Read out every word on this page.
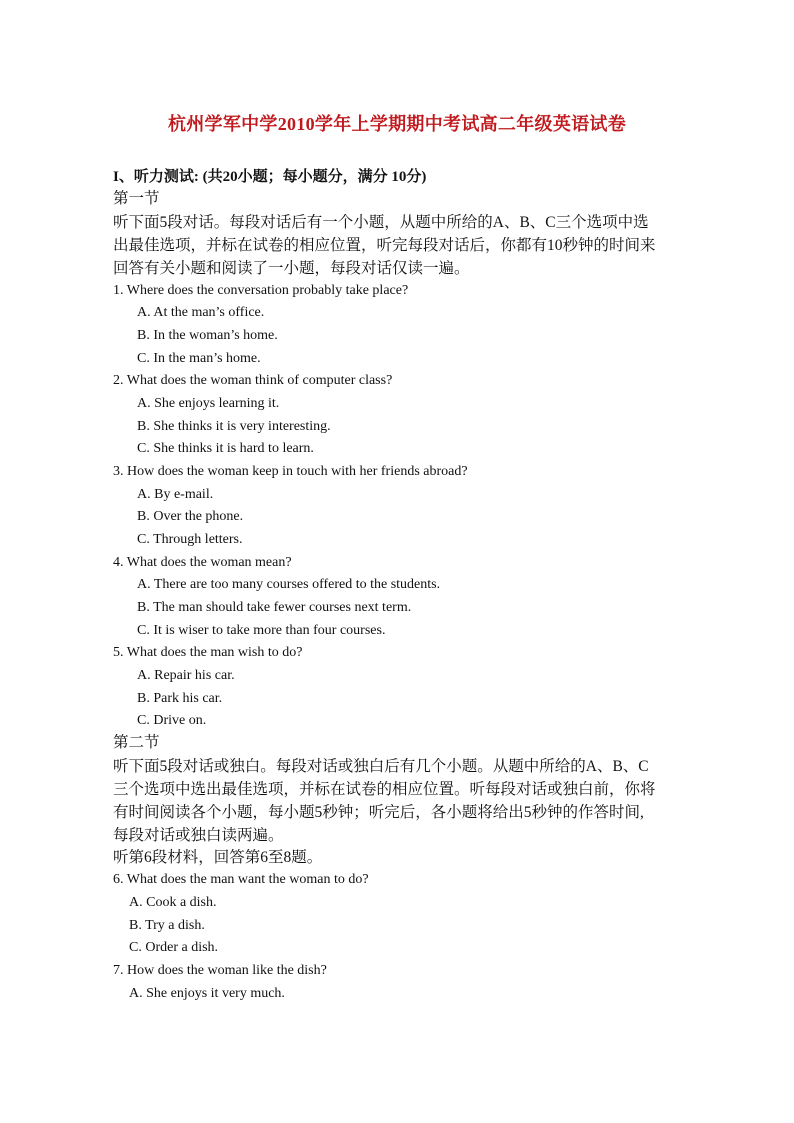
杭州学军中学2010学年上学期期中考试高二年级英语试卷
I、听力测试: (共20小题；每小题分，满分 10分)
第一节
听下面5段对话。每段对话后有一个小题，从题中所给的A、B、C三个选项中选
出最佳选项，并标在试卷的相应位置，听完每段对话后，你都有10秒钟的时间来
回答有关小题和阅读了一小题，每段对话仅读一遍。
1. Where does the conversation probably take place?
A. At the man’s office.
B. In the woman’s home.
C. In the man’s home.
2. What does the woman think of computer class?
A. She enjoys learning it.
B. She thinks it is very interesting.
C. She thinks it is hard to learn.
3. How does the woman keep in touch with her friends abroad?
A. By e-mail.
B. Over the phone.
C. Through letters.
4. What does the woman mean?
A. There are too many courses offered to the students.
B. The man should take fewer courses next term.
C. It is wiser to take more than four courses.
5. What does the man wish to do?
A. Repair his car.
B. Park his car.
C. Drive on.
第二节
听下面5段对话或独白。每段对话或独白后有几个小题。从题中所给的A、B、C
三个选项中选出最佳选项，并标在试卷的相应位置。听每段对话或独白前，你将
有时间阅读各个小题，每小题5秒钟；听完后，各小题将给出5秒钟的作答时间,
每段对话或独白读两遍。
听第6段材料，回答第6至8题。
6. What does the man want the woman to do?
A. Cook a dish.
B. Try a dish.
C. Order a dish.
7. How does the woman like the dish?
A. She enjoys it very much.
